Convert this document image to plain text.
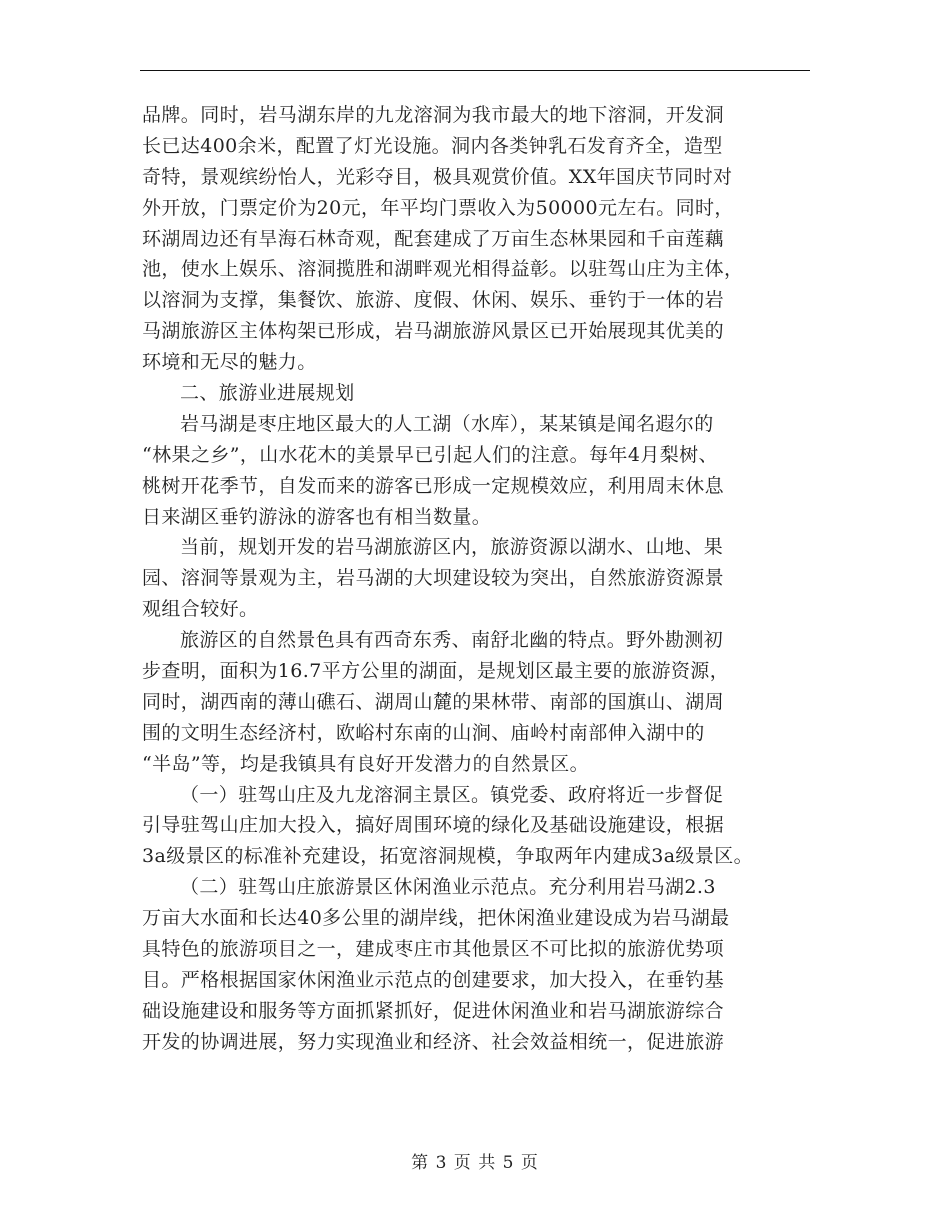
品牌。同时，岩马湖东岸的九龙溶洞为我市最大的地下溶洞，开发洞
长已达400余米，配置了灯光设施。洞内各类钟乳石发育齐全，造型
奇特，景观缤纷怡人，光彩夺目，极具观赏价值。XX年国庆节同时对
外开放，门票定价为20元，年平均门票收入为50000元左右。同时，
环湖周边还有旱海石林奇观，配套建成了万亩生态林果园和千亩莲藕
池，使水上娱乐、溶洞揽胜和湖畔观光相得益彰。以驻驾山庄为主体，
以溶洞为支撑，集餐饮、旅游、度假、休闲、娱乐、垂钓于一体的岩
马湖旅游区主体构架已形成，岩马湖旅游风景区已开始展现其优美的
环境和无尽的魅力。
二、旅游业进展规划
岩马湖是枣庄地区最大的人工湖（水库），某某镇是闻名遐尔的
“林果之乡”，山水花木的美景早已引起人们的注意。每年4月梨树、
桃树开花季节，自发而来的游客已形成一定规模效应，利用周末休息
日来湖区垂钓游泳的游客也有相当数量。
当前，规划开发的岩马湖旅游区内，旅游资源以湖水、山地、果
园、溶洞等景观为主，岩马湖的大坝建设较为突出，自然旅游资源景
观组合较好。
旅游区的自然景色具有西奇东秀、南舒北幽的特点。野外勘测初
步查明，面积为16.7平方公里的湖面，是规划区最主要的旅游资源，
同时，湖西南的薄山礁石、湖周山麓的果林带、南部的国旗山、湖周
围的文明生态经济村，欧峪村东南的山涧、庙岭村南部伸入湖中的
“半岛”等，均是我镇具有良好开发潜力的自然景区。
（一）驻驾山庄及九龙溶洞主景区。镇党委、政府将近一步督促
引导驻驾山庄加大投入，搞好周围环境的绿化及基础设施建设，根据
3a级景区的标准补充建设，拓宽溶洞规模，争取两年内建成3a级景区。
（二）驻驾山庄旅游景区休闲渔业示范点。充分利用岩马湖2.3
万亩大水面和长达40多公里的湖岸线，把休闲渔业建设成为岩马湖最
具特色的旅游项目之一，建成枣庄市其他景区不可比拟的旅游优势项
目。严格根据国家休闲渔业示范点的创建要求，加大投入，在垂钓基
础设施建设和服务等方面抓紧抓好，促进休闲渔业和岩马湖旅游综合
开发的协调进展，努力实现渔业和经济、社会效益相统一，促进旅游
第 3 页 共 5 页
